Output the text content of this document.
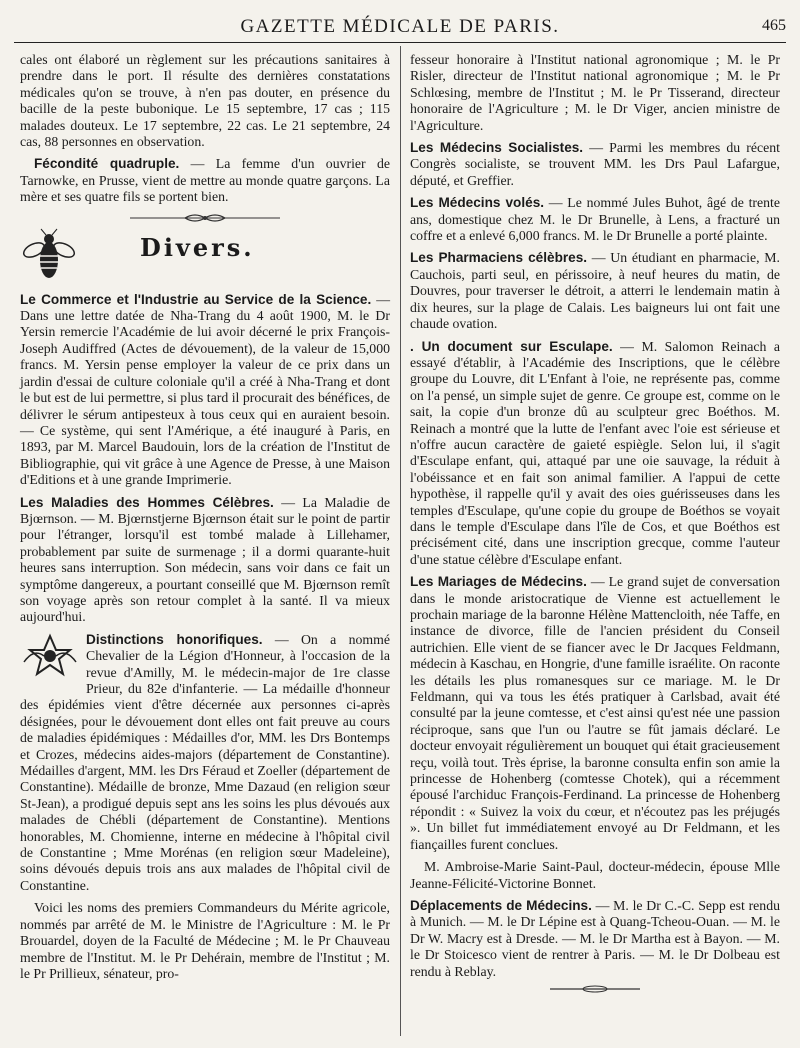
GAZETTE MÉDICALE DE PARIS.	465

cales ont élaboré un règlement sur les précautions sanitaires à prendre dans le port. Il résulte des dernières constatations médicales qu'on se trouve, à n'en pas douter, en présence du bacille de la peste bubonique. Le 15 septembre, 17 cas ; 115 malades douteux. Le 17 septembre, 22 cas. Le 21 septembre, 24 cas, 88 personnes en observation.

Fécondité quadruple. — La femme d'un ouvrier de Tarnowke, en Prusse, vient de mettre au monde quatre garçons. La mère et ses quatre fils se portent bien.

Divers.

Le Commerce et l'Industrie au Service de la Science. — Dans une lettre datée de Nha-Trang du 4 août 1900, M. le Dr Yersin remercie l'Académie de lui avoir décerné le prix François-Joseph Audiffred (Actes de dévouement), de la valeur de 15,000 francs. M. Yersin pense employer la valeur de ce prix dans un jardin d'essai de culture coloniale qu'il a créé à Nha-Trang et dont le but est de lui permettre, si plus tard il procurait des bénéfices, de délivrer le sérum antipesteux à tous ceux qui en auraient besoin. — Ce système, qui sent l'Amérique, a été inauguré à Paris, en 1893, par M. Marcel Baudouin, lors de la création de l'Institut de Bibliographie, qui vit grâce à une Agence de Presse, à une Maison d'Editions et à une grande Imprimerie.

Les Maladies des Hommes Célèbres. — La Maladie de Bjœrnson. — M. Bjœrnstjerne Bjœrnson était sur le point de partir pour l'étranger, lorsqu'il est tombé malade à Lillehamer, probablement par suite de surmenage ; il a dormi quarante-huit heures sans interruption. Son médecin, sans voir dans ce fait un symptôme dangereux, a pourtant conseillé que M. Bjœrnson remît son voyage après son retour complet à la santé. Il va mieux aujourd'hui.

Distinctions honorifiques. — On a nommé Chevalier de la Légion d'Honneur, à l'occasion de la revue d'Amilly, M. le médecin-major de 1re classe Prieur, du 82e d'infanterie. — La médaille d'honneur des épidémies vient d'être décernée aux personnes ci-après désignées, pour le dévouement dont elles ont fait preuve au cours de maladies épidémiques : Médailles d'or, MM. les Drs Bontemps et Crozes, médecins aides-majors (département de Constantine). Médailles d'argent, MM. les Drs Féraud et Zoeller (département de Constantine). Médaille de bronze, Mme Dazaud (en religion sœur St-Jean), a prodigué depuis sept ans les soins les plus dévoués aux malades de Chébli (département de Constantine). Mentions honorables, M. Chomienne, interne en médecine à l'hôpital civil de Constantine ; Mme Morénas (en religion sœur Madeleine), soins dévoués depuis trois ans aux malades de l'hôpital civil de Constantine.

Voici les noms des premiers Commandeurs du Mérite agricole, nommés par arrêté de M. le Ministre de l'Agriculture : M. le Pr Brouardel, doyen de la Faculté de Médecine ; M. le Pr Chauveau membre de l'Institut. M. le Pr Dehérain, membre de l'Institut ; M. le Pr Prillieux, sénateur, pro-

fesseur honoraire à l'Institut national agronomique ; M. le Pr Risler, directeur de l'Institut national agronomique ; M. le Pr Schlœsing, membre de l'Institut ; M. le Pr Tisserand, directeur honoraire de l'Agriculture ; M. le Dr Viger, ancien ministre de l'Agriculture.

Les Médecins Socialistes. — Parmi les membres du récent Congrès socialiste, se trouvent MM. les Drs Paul Lafargue, député, et Greffier.

Les Médecins volés. — Le nommé Jules Buhot, âgé de trente ans, domestique chez M. le Dr Brunelle, à Lens, a fracturé un coffre et a enlevé 6,000 francs. M. le Dr Brunelle a porté plainte.

Les Pharmaciens célèbres. — Un étudiant en pharmacie, M. Cauchois, parti seul, en périssoire, à neuf heures du matin, de Douvres, pour traverser le détroit, a atterri le lendemain matin à dix heures, sur la plage de Calais. Les baigneurs lui ont fait une chaude ovation.

. Un document sur Esculape. — M. Salomon Reinach a essayé d'établir, à l'Académie des Inscriptions, que le célèbre groupe du Louvre, dit L'Enfant à l'oie, ne représente pas, comme on l'a pensé, un simple sujet de genre. Ce groupe est, comme on le sait, la copie d'un bronze dû au sculpteur grec Boéthos. M. Reinach a montré que la lutte de l'enfant avec l'oie est sérieuse et n'offre aucun caractère de gaieté espiègle. Selon lui, il s'agit d'Esculape enfant, qui, attaqué par une oie sauvage, la réduit à l'obéissance et en fait son animal familier. A l'appui de cette hypothèse, il rappelle qu'il y avait des oies guérisseuses dans les temples d'Esculape, qu'une copie du groupe de Boéthos se voyait dans le temple d'Esculape dans l'île de Cos, et que Boéthos est précisément cité, dans une inscription grecque, comme l'auteur d'une statue célèbre d'Esculape enfant.

Les Mariages de Médecins. — Le grand sujet de conversation dans le monde aristocratique de Vienne est actuellement le prochain mariage de la baronne Hélène Mattencloith, née Taffe, en instance de divorce, fille de l'ancien président du Conseil autrichien. Elle vient de se fiancer avec le Dr Jacques Feldmann, médecin à Kaschau, en Hongrie, d'une famille israélite. On raconte les détails les plus romanesques sur ce mariage. M. le Dr Feldmann, qui va tous les étés pratiquer à Carlsbad, avait été consulté par la jeune comtesse, et c'est ainsi qu'est née une passion réciproque, sans que l'un ou l'autre se fût jamais déclaré. Le docteur envoyait régulièrement un bouquet qui était gracieusement reçu, voilà tout. Très éprise, la baronne consulta enfin son amie la princesse de Hohenberg (comtesse Chotek), qui a récemment épousé l'archiduc François-Ferdinand. La princesse de Hohenberg répondit : « Suivez la voix du cœur, et n'écoutez pas les préjugés ». Un billet fut immédiatement envoyé au Dr Feldmann, et les fiançailles furent conclues.

M. Ambroise-Marie Saint-Paul, docteur-médecin, épouse Mlle Jeanne-Félicité-Victorine Bonnet.

Déplacements de Médecins. — M. le Dr C.-C. Sepp est rendu à Munich. — M. le Dr Lépine est à Quang-Tcheou-Ouan. — M. le Dr W. Macry est à Dresde. — M. le Dr Martha est à Bayon. — M. le Dr Stoicesco vient de rentrer à Paris. — M. le Dr Dolbeau est rendu à Reblay.
